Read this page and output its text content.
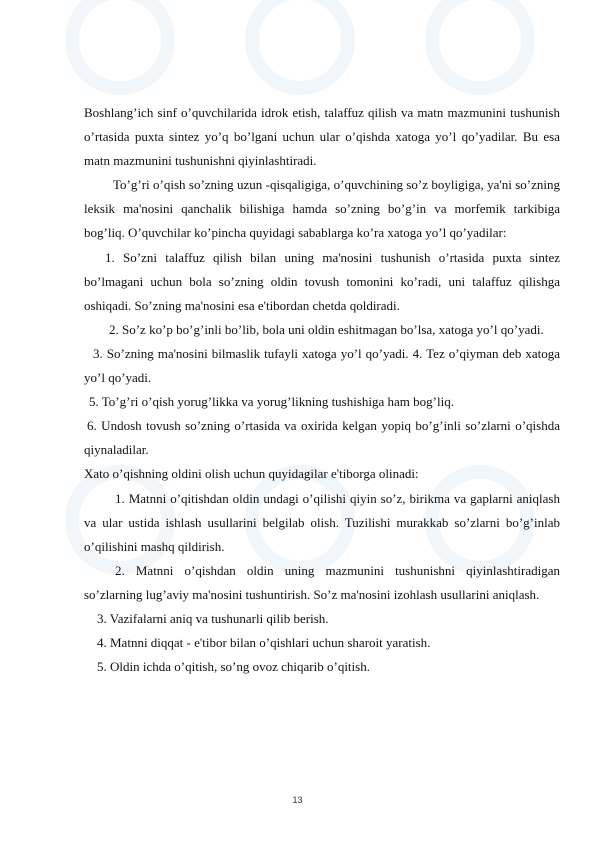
Boshlang’ich sinf o’quvchilarida idrok etish, talaffuz qilish va matn mazmunini tushunish o’rtasida puxta sintez yo’q bo’lgani uchun ular o’qishda xatoga yo’l qo’yadilar. Bu esa matn mazmunini tushunishni qiyinlashtiradi.

To’g’ri o’qish so’zning uzun -qisqaligiga, o’quvchining so’z boyligiga, ya'ni so’zning leksik ma'nosini qanchalik bilishiga hamda so’zning bo’g’in va morfemik tarkibiga bog’liq. O’quvchilar ko’pincha quyidagi sabablarga ko’ra xatoga yo’l qo’yadilar:

1. So’zni talaffuz qilish bilan uning ma'nosini tushunish o’rtasida puxta sintez bo’lmagani uchun bola so’zning oldin tovush tomonini ko’radi, uni talaffuz qilishga oshiqadi. So’zning ma'nosini esa e'tibordan chetda qoldiradi.

2. So’z ko’p bo’g’inli bo’lib, bola uni oldin eshitmagan bo’lsa, xatoga yo’l qo’yadi.

3. So’zning ma'nosini bilmaslik tufayli xatoga yo’l qo’yadi. 4. Tez o’qiyman deb xatoga yo’l qo’yadi.

5. To’g’ri o’qish yorug’likka va yorug’likning tushishiga ham bog’liq.

6. Undosh tovush so’zning o’rtasida va oxirida kelgan yopiq bo’g’inli so’zlarni o’qishda qiynaladilar.

Xato o’qishning oldini olish uchun quyidagilar e'tiborga olinadi:

1. Matnni o’qitishdan oldin undagi o’qilishi qiyin so’z, birikma va gaplarni aniqlash va ular ustida ishlash usullarini belgilab olish. Tuzilishi murakkab so’zlarni bo’g’inlab o’qilishini mashq qildirish.

2. Matnni o’qishdan oldin uning mazmunini tushunishni qiyinlashtiradigan so’zlarning lug’aviy ma'nosini tushuntirish. So’z ma'nosini izohlash usullarini aniqlash.

3. Vazifalarni aniq va tushunarli qilib berish.

4. Matnni diqqat - e'tibor bilan o’qishlari uchun sharoit yaratish.

5. Oldin ichda o’qitish, so’ng ovoz chiqarib o’qitish.

13
